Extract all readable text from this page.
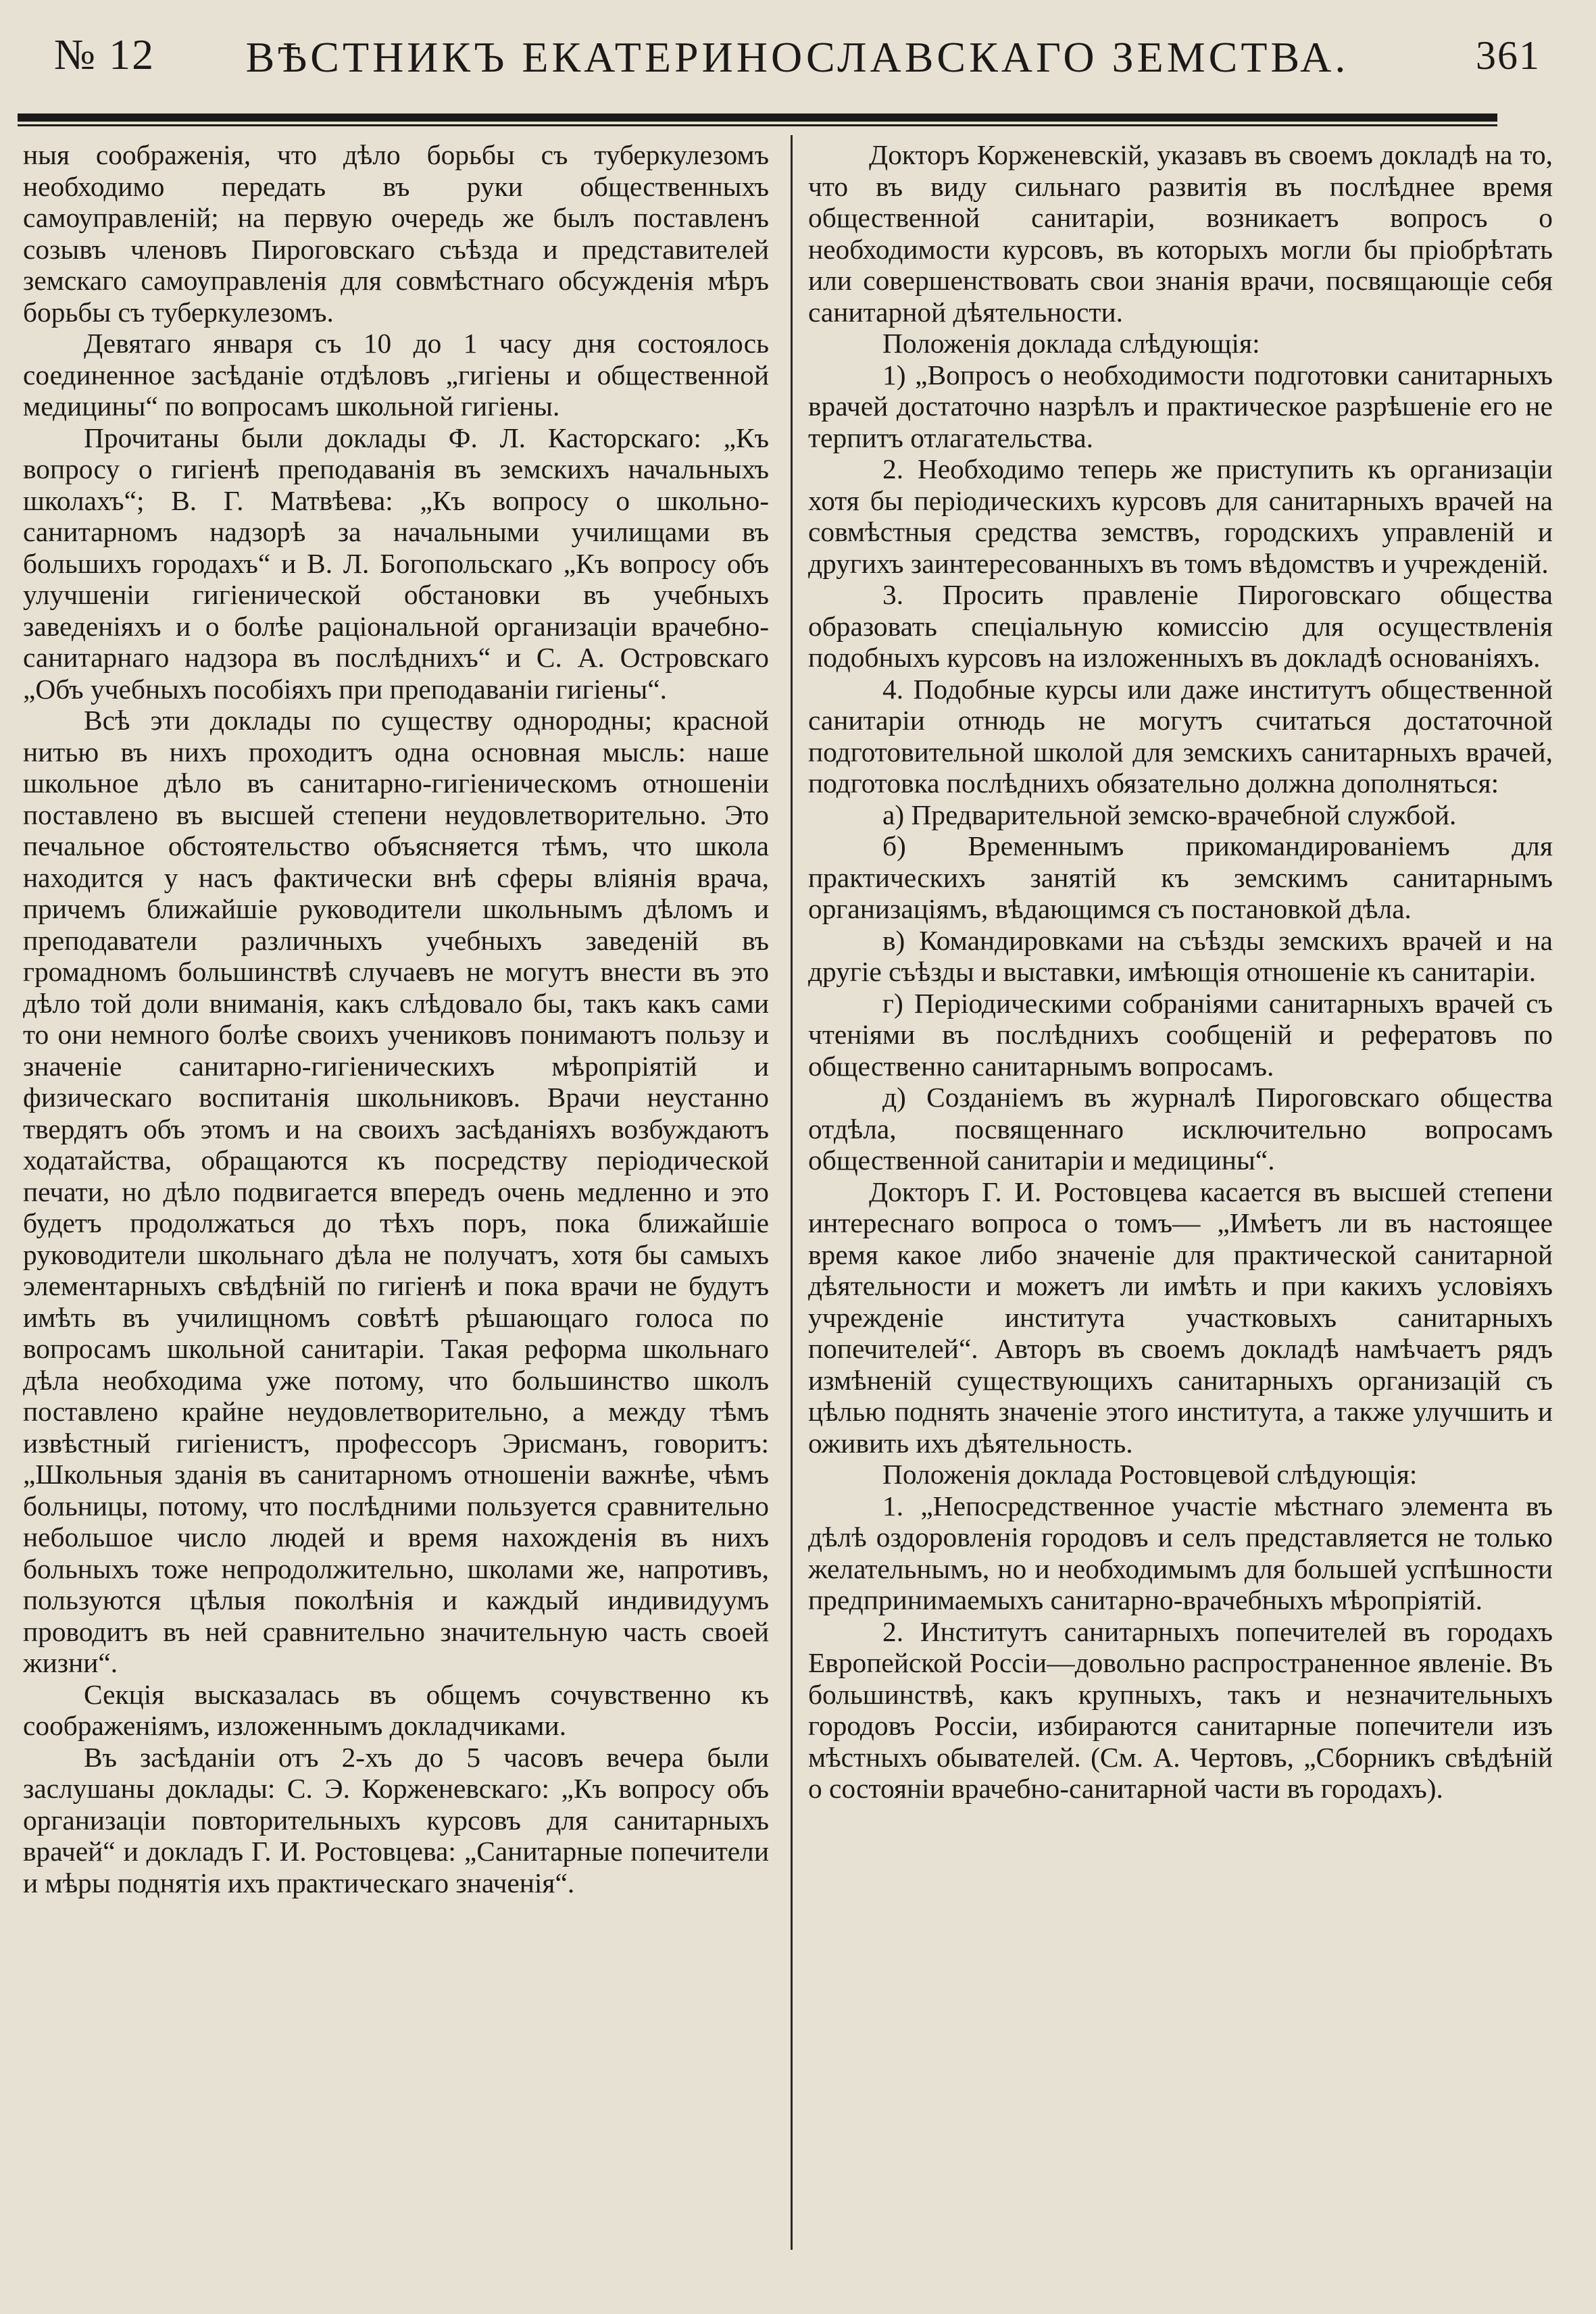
№ 12	ВѢСТНИКЪ ЕКАТЕРИНОСЛАВСКАГО ЗЕМСТВА.	361

ныя соображенія, что дѣло борьбы съ туберкулезомъ необходимо передать въ руки общественныхъ самоуправленій; на первую очередь же былъ поставленъ созывъ членовъ Пироговскаго съѣзда и представителей земскаго самоуправленія для совмѣстнаго обсужденія мѣръ борьбы съ туберкулезомъ.

Девятаго января съ 10 до 1 часу дня состоялось соединенное засѣданіе отдѣловъ „гигіены и общественной медицины“ по вопросамъ школьной гигіены.

Прочитаны были доклады Ф. Л. Касторскаго: „Къ вопросу о гигіенѣ преподаванія въ земскихъ начальныхъ школахъ“; В. Г. Матвѣева: „Къ вопросу о школьно-санитарномъ надзорѣ за начальными училищами въ большихъ городахъ“ и В. Л. Богопольскаго „Къ вопросу объ улучшеніи гигіенической обстановки въ учебныхъ заведеніяхъ и о болѣе раціональной организаціи врачебно-санитарнаго надзора въ послѣднихъ“ и С. А. Островскаго „Объ учебныхъ пособіяхъ при преподаваніи гигіены“.

Всѣ эти доклады по существу однородны; красной нитью въ нихъ проходитъ одна основная мысль: наше школьное дѣло въ санитарно-гигіеническомъ отношеніи поставлено въ высшей степени неудовлетворительно. Это печальное обстоятельство объясняется тѣмъ, что школа находится у насъ фактически внѣ сферы вліянія врача, причемъ ближайшіе руководители школьнымъ дѣломъ и преподаватели различныхъ учебныхъ заведеній въ громадномъ большинствѣ случаевъ не могутъ внести въ это дѣло той доли вниманія, какъ слѣдовало бы, такъ какъ сами то они немного болѣе своихъ учениковъ понимаютъ пользу и значеніе санитарно-гигіеническихъ мѣропріятій и физическаго воспитанія школьниковъ. Врачи неустанно твердятъ объ этомъ и на своихъ засѣданіяхъ возбуждаютъ ходатайства, обращаются къ посредству періодической печати, но дѣло подвигается впередъ очень медленно и это будетъ продолжаться до тѣхъ поръ, пока ближайшіе руководители школьнаго дѣла не получатъ, хотя бы самыхъ элементарныхъ свѣдѣній по гигіенѣ и пока врачи не будутъ имѣть въ училищномъ совѣтѣ рѣшающаго голоса по вопросамъ школьной санитаріи. Такая реформа школьнаго дѣла необходима уже потому, что большинство школъ поставлено крайне неудовлетворительно, а между тѣмъ извѣстный гигіенистъ, профессоръ Эрисманъ, говоритъ: „Школьныя зданія въ санитарномъ отношеніи важнѣе, чѣмъ больницы, потому, что послѣдними пользуется сравнительно небольшое число людей и время нахожденія въ нихъ больныхъ тоже непродолжительно, школами же, напротивъ, пользуются цѣлыя поколѣнія и каждый индивидуумъ проводитъ въ ней сравнительно значительную часть своей жизни“.

Секція высказалась въ общемъ сочувственно къ соображеніямъ, изложеннымъ докладчиками.

Въ засѣданіи отъ 2-хъ до 5 часовъ вечера были заслушаны доклады: С. Э. Корженевскаго: „Къ вопросу объ организаціи повторительныхъ курсовъ для санитарныхъ врачей“ и докладъ Г. И. Ростовцева: „Санитарные попечители и мѣры поднятія ихъ практическаго значенія“.

Докторъ Корженевскій, указавъ въ своемъ докладѣ на то, что въ виду сильнаго развитія въ послѣднее время общественной санитаріи, возникаетъ вопросъ о необходимости курсовъ, въ которыхъ могли бы пріобрѣтать или совершенствовать свои знанія врачи, посвящающіе себя санитарной дѣятельности.

Положенія доклада слѣдующія:

1) „Вопросъ о необходимости подготовки санитарныхъ врачей достаточно назрѣлъ и практическое разрѣшеніе его не терпитъ отлагательства.

2. Необходимо теперь же приступить къ организаціи хотя бы періодическихъ курсовъ для санитарныхъ врачей на совмѣстныя средства земствъ, городскихъ управленій и другихъ заинтересованныхъ въ томъ вѣдомствъ и учрежденій.

3. Просить правленіе Пироговскаго общества образовать спеціальную комиссію для осуществленія подобныхъ курсовъ на изложенныхъ въ докладѣ основаніяхъ.

4. Подобные курсы или даже институтъ общественной санитаріи отнюдь не могутъ считаться достаточной подготовительной школой для земскихъ санитарныхъ врачей, подготовка послѣднихъ обязательно должна дополняться:

а) Предварительной земско-врачебной службой.

б) Временнымъ прикомандированіемъ для практическихъ занятій къ земскимъ санитарнымъ организаціямъ, вѣдающимся съ постановкой дѣла.

в) Командировками на съѣзды земскихъ врачей и на другіе съѣзды и выставки, имѣющія отношеніе къ санитаріи.

г) Періодическими собраніями санитарныхъ врачей съ чтеніями въ послѣднихъ сообщеній и рефератовъ по общественно санитарнымъ вопросамъ.

д) Созданіемъ въ журналѣ Пироговскаго общества отдѣла, посвященнаго исключительно вопросамъ общественной санитаріи и медицины“.

Докторъ Г. И. Ростовцева касается въ высшей степени интереснаго вопроса о томъ— „Имѣетъ ли въ настоящее время какое либо значеніе для практической санитарной дѣятельности и можетъ ли имѣть и при какихъ условіяхъ учрежденіе института участковыхъ санитарныхъ попечителей“. Авторъ въ своемъ докладѣ намѣчаетъ рядъ измѣненій существующихъ санитарныхъ организацій съ цѣлью поднять значеніе этого института, а также улучшить и оживить ихъ дѣятельность.

Положенія доклада Ростовцевой слѣдующія:

1. „Непосредственное участіе мѣстнаго элемента въ дѣлѣ оздоровленія городовъ и селъ представляется не только желательнымъ, но и необходимымъ для большей успѣшности предпринимаемыхъ санитарно-врачебныхъ мѣропріятій.

2. Институтъ санитарныхъ попечителей въ городахъ Европейской Россіи—довольно распространенное явленіе. Въ большинствѣ, какъ крупныхъ, такъ и незначительныхъ городовъ Россіи, избираются санитарные попечители изъ мѣстныхъ обывателей. (См. А. Чертовъ, „Сборникъ свѣдѣній о состояніи врачебно-санитарной части въ городахъ).
